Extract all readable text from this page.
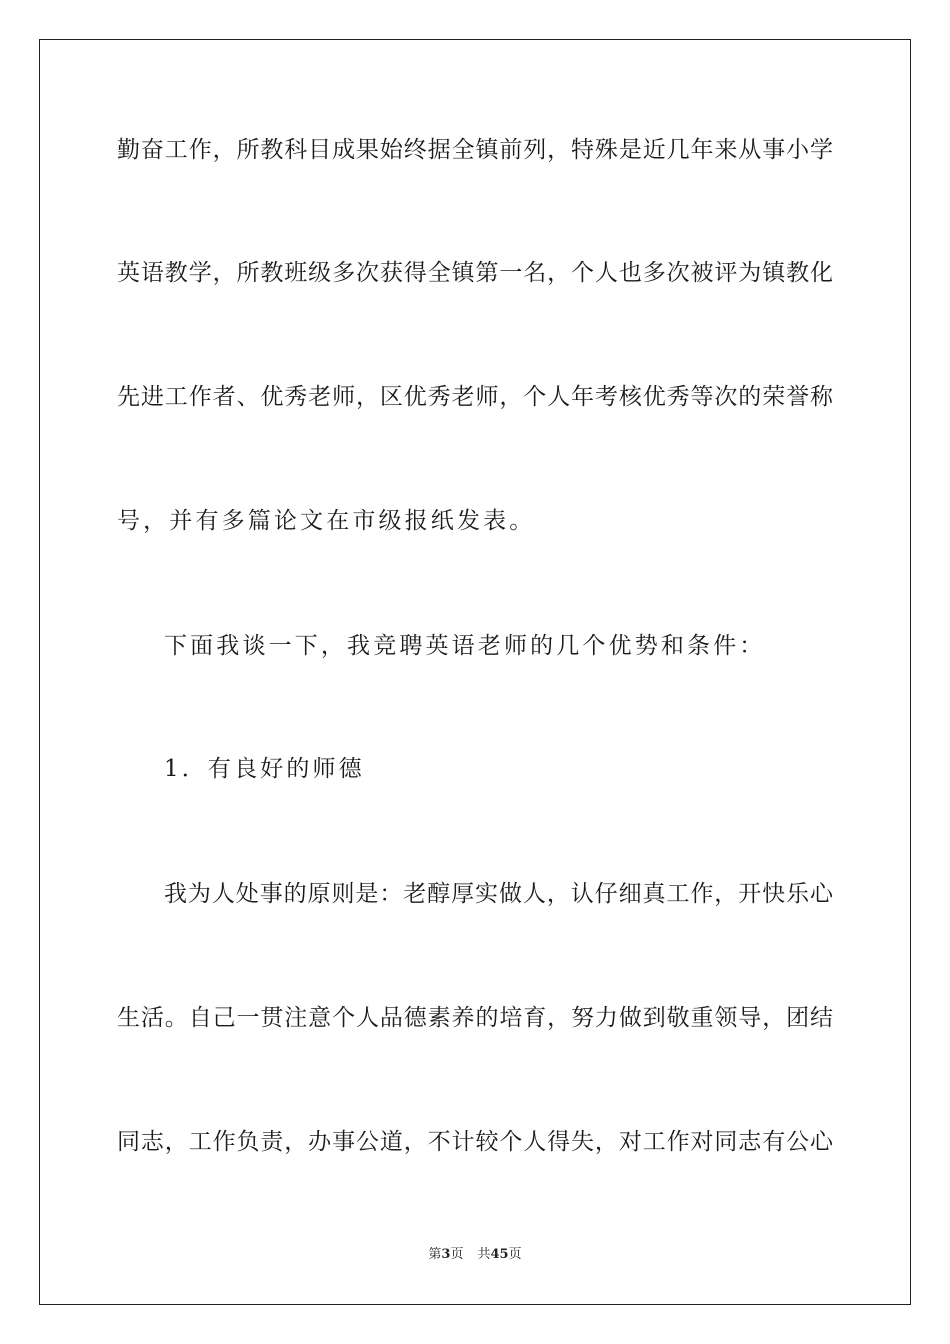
勤奋工作，所教科目成果始终据全镇前列，特殊是近几年来从事小学
英语教学，所教班级多次获得全镇第一名，个人也多次被评为镇教化
先进工作者、优秀老师，区优秀老师，个人年考核优秀等次的荣誉称
号，并有多篇论文在市级报纸发表。
下面我谈一下，我竞聘英语老师的几个优势和条件：
1．有良好的师德
我为人处事的原则是：老醇厚实做人，认仔细真工作，开快乐心
生活。自己一贯注意个人品德素养的培育，努力做到敬重领导，团结
同志，工作负责，办事公道，不计较个人得失，对工作对同志有公心
第3页 共45页
